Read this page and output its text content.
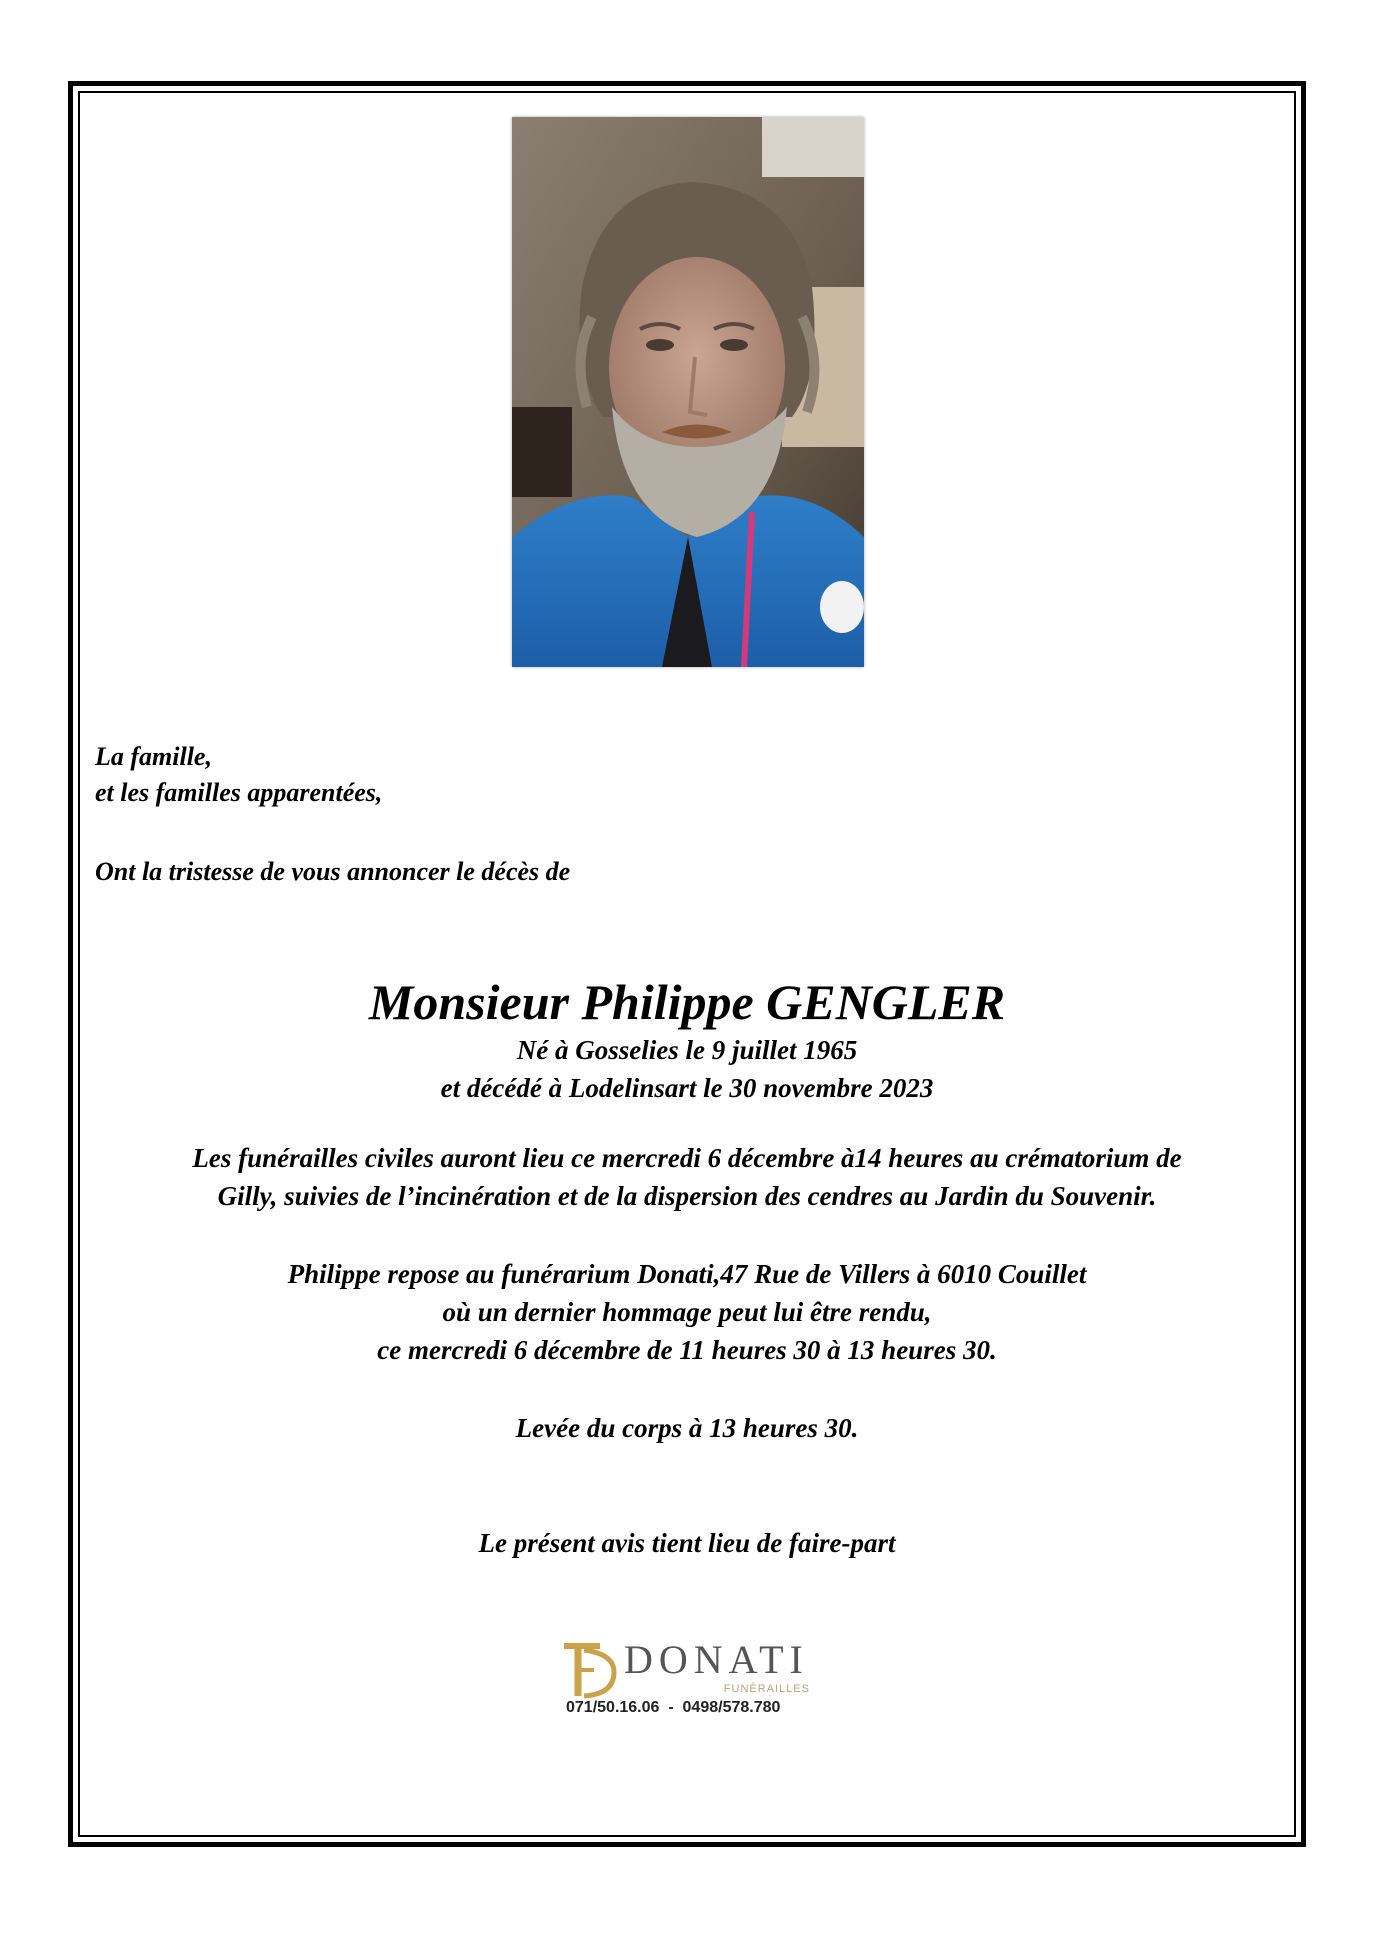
La famille,
et les familles apparentées,
Ont la tristesse de vous annoncer le décès de
Monsieur Philippe GENGLER
Né à Gosselies le 9 juillet 1965
et décédé à Lodelinsart le 30 novembre 2023
Les funérailles civiles auront lieu ce mercredi 6 décembre à14 heures au crématorium de
Gilly, suivies de l’incinération et de la dispersion des cendres au Jardin du Souvenir.
Philippe repose au funérarium Donati,47 Rue de Villers à 6010 Couillet
où un dernier hommage peut lui être rendu,
ce mercredi 6 décembre de 11 heures 30 à 13 heures 30.
Levée du corps à 13 heures 30.
Le présent avis tient lieu de faire-part
DONATI
FUNÉRAILLES
071/50.16.06  -  0498/578.780
